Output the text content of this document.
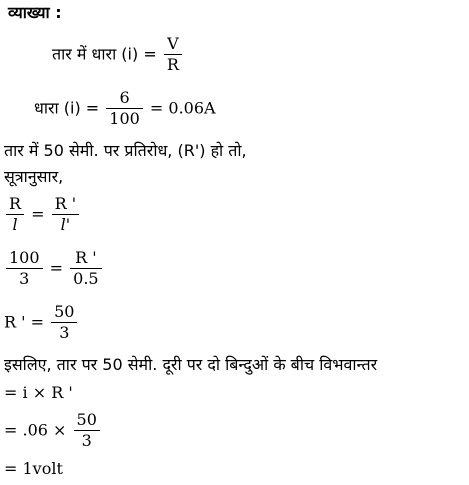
व्याख्या :
तार में धारा $(i) = \frac{V}{R}$
धारा $(i) = \frac{6}{100} = 0.06A$
तार में 50 सेमी. पर प्रतिरोध, (R') हो तो,
सूत्रानुसार,
$\frac{R}{l} = \frac{R '}{l'}$
$\frac{100}{3} = \frac{R '}{0.5}$
R ' = $\frac{50}{3}$
इसलिए, तार पर 50 सेमी. दूरी पर दो बिन्दुओं के बीच विभवान्तर
= i × R '
= $.06 \times \frac{50}{3}$
= 1volt
